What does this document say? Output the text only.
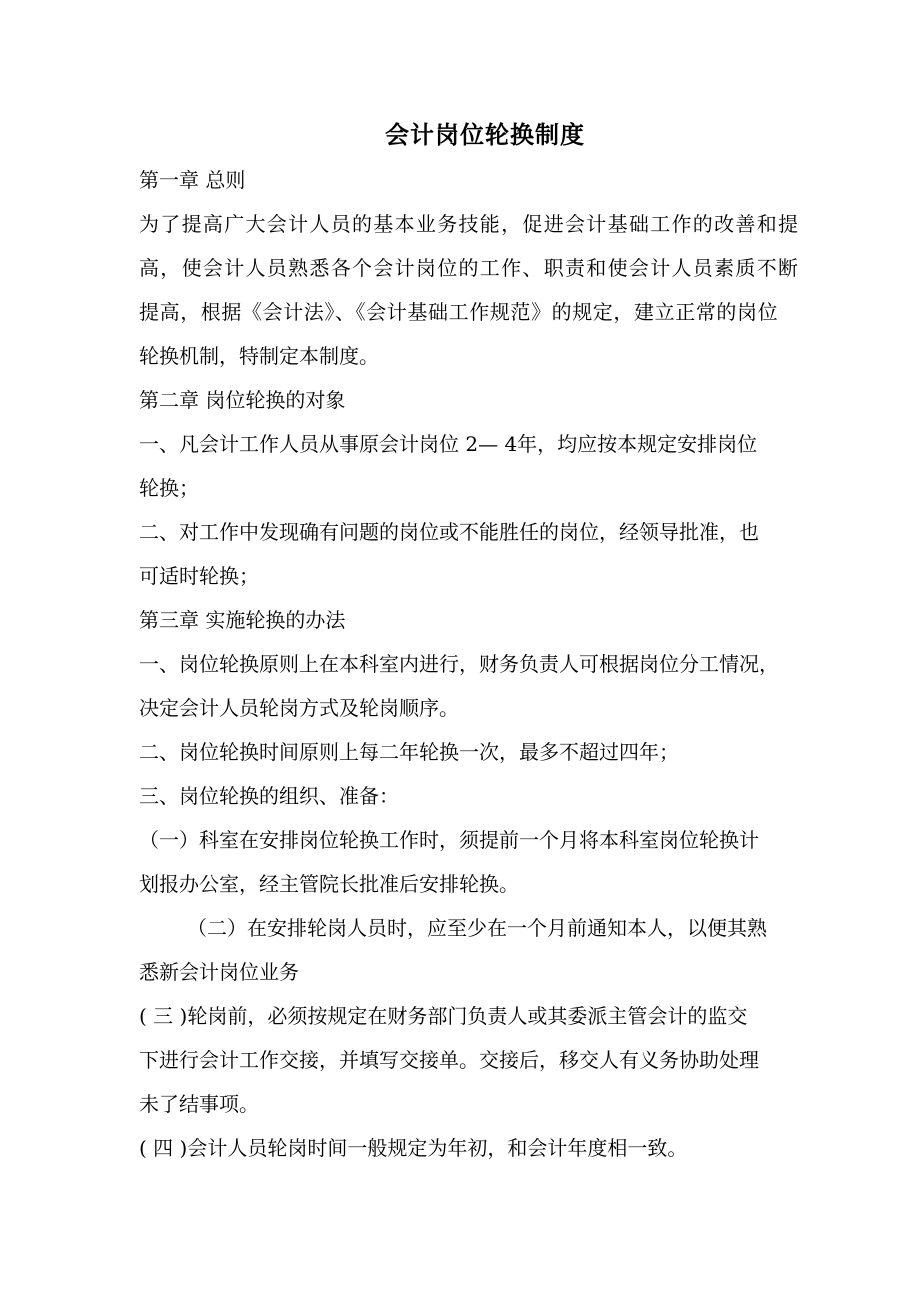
会计岗位轮换制度
第一章 总则
为了提高广大会计人员的基本业务技能，促进会计基础工作的改善和提
高，使会计人员熟悉各个会计岗位的工作、职责和使会计人员素质不断
提高，根据《会计法》、《会计基础工作规范》的规定，建立正常的岗位
轮换机制，特制定本制度。
第二章 岗位轮换的对象
一、凡会计工作人员从事原会计岗位 2— 4年，均应按本规定安排岗位
轮换；
二、对工作中发现确有问题的岗位或不能胜任的岗位，经领导批准，也
可适时轮换；
第三章 实施轮换的办法
一、岗位轮换原则上在本科室内进行，财务负责人可根据岗位分工情况，
决定会计人员轮岗方式及轮岗顺序。
二、岗位轮换时间原则上每二年轮换一次，最多不超过四年；
三、岗位轮换的组织、准备：
（一）科室在安排岗位轮换工作时，须提前一个月将本科室岗位轮换计
划报办公室，经主管院长批准后安排轮换。
（二）在安排轮岗人员时，应至少在一个月前通知本人，以便其熟
悉新会计岗位业务
( 三 )轮岗前，必须按规定在财务部门负责人或其委派主管会计的监交
下进行会计工作交接，并填写交接单。交接后，移交人有义务协助处理
未了结事项。
( 四 )会计人员轮岗时间一般规定为年初，和会计年度相一致。
